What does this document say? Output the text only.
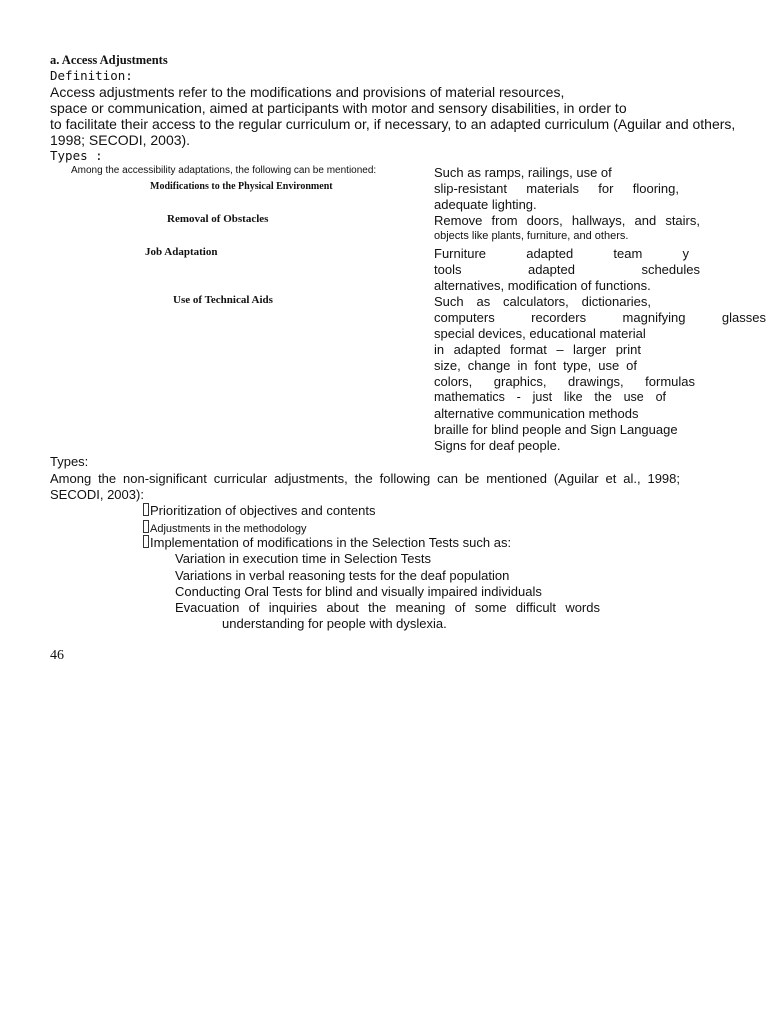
a. Access Adjustments
Definition:
Access adjustments refer to the modifications and provisions of material resources,
space or communication, aimed at participants with motor and sensory disabilities, in order to
to facilitate their access to the regular curriculum or, if necessary, to an adapted curriculum (Aguilar and others,
1998; SECODI, 2003).
Types :
Among the accessibility adaptations, the following can be mentioned:
Modifications to the Physical Environment
Removal of Obstacles
Job Adaptation
Use of Technical Aids
Such as ramps, railings, use of
slip-resistant materials for flooring,
adequate lighting.
Remove from doors, hallways, and stairs,
objects like plants, furniture, and others.
Furniture adapted team y
tools adapted schedules
alternatives, modification of functions.
Such as calculators, dictionaries,
computers recorders magnifying glasses
special devices, educational material
in adapted format – larger print
size, change in font type, use of
colors, graphics, drawings, formulas
mathematics - just like the use of
alternative communication methods
braille for blind people and Sign Language
Signs for deaf people.
Types:
Among the non-significant curricular adjustments, the following can be mentioned (Aguilar et al., 1998;
SECODI, 2003):
Prioritization of objectives and contents
Adjustments in the methodology
Implementation of modifications in the Selection Tests such as:
Variation in execution time in Selection Tests
Variations in verbal reasoning tests for the deaf population
Conducting Oral Tests for blind and visually impaired individuals
Evacuation of inquiries about the meaning of some difficult words
understanding for people with dyslexia.
46
